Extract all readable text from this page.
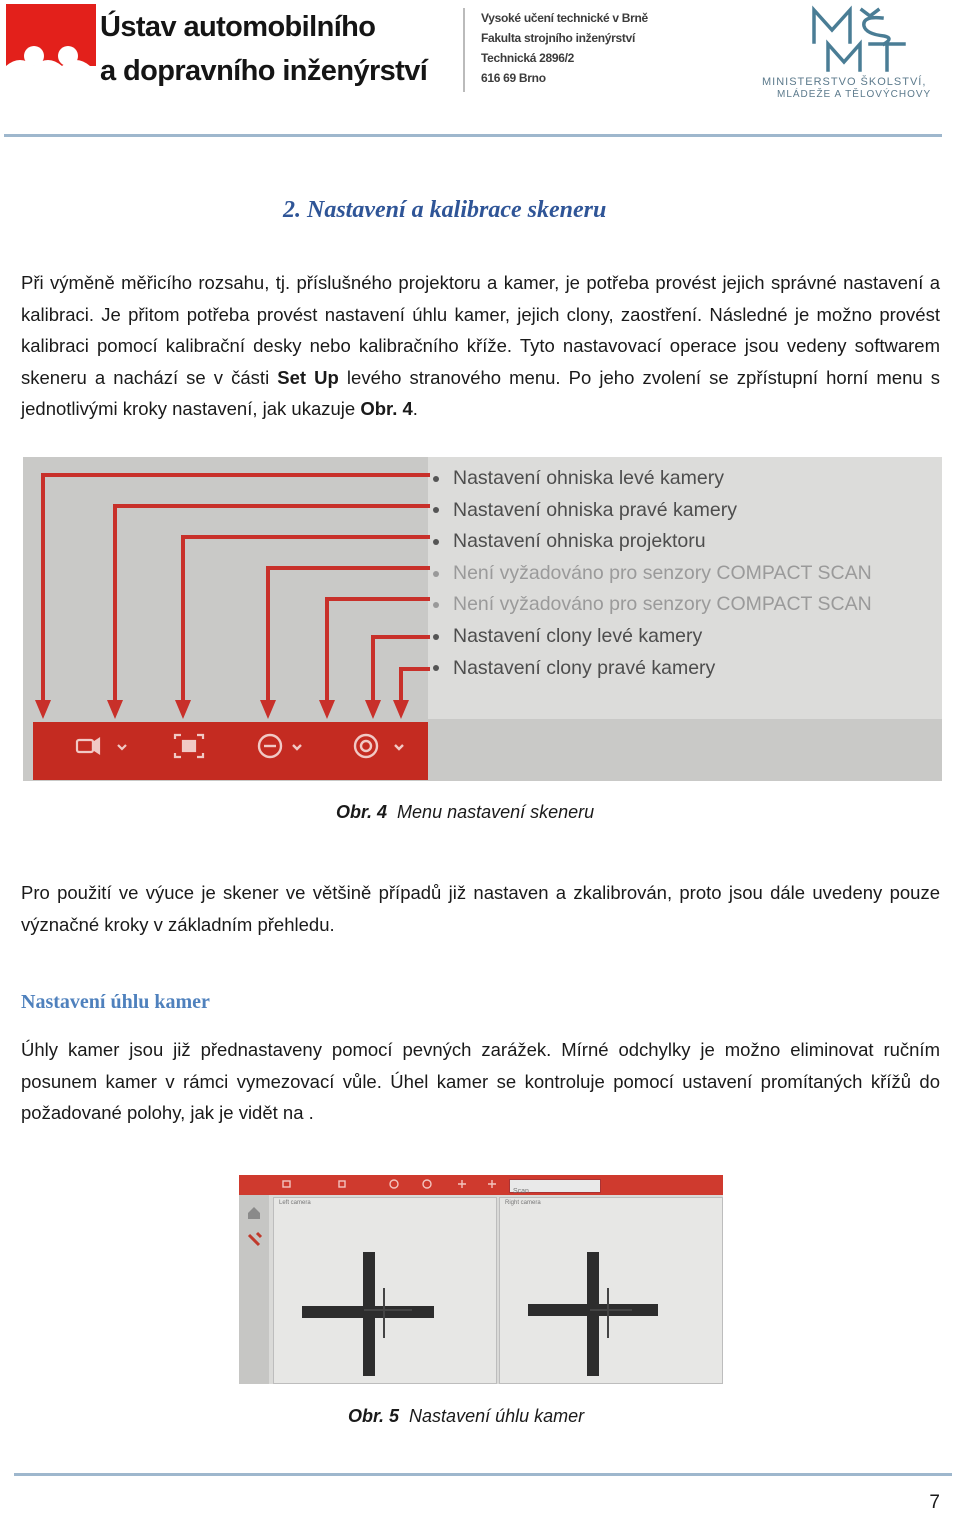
Ústav automobilního
a dopravního inženýrství
Vysoké učení technické v Brně
Fakulta strojního inženýrství
Technická 2896/2
616 69 Brno	MINISTERSTVO ŠKOLSTVÍ,
MLÁDEŽE A TĚLOVÝCHOVY
2. Nastavení a kalibrace skeneru
Při výměně měřicího rozsahu, tj. příslušného projektoru a kamer, je potřeba provést jejich správné nastavení a kalibraci. Je přitom potřeba provést nastavení úhlu kamer, jejich clony, zaostření. Následné je možno provést kalibraci pomocí kalibrační desky nebo kalibračního kříže. Tyto nastavovací operace jsou vedeny softwarem skeneru a nachází se v části Set Up levého stranového menu. Po jeho zvolení se zpřístupní horní menu s jednotlivými kroky nastavení, jak ukazuje Obr. 4.
Nastavení ohniska levé kamery
Nastavení ohniska pravé kamery
Nastavení ohniska projektoru
Není vyžadováno pro senzory COMPACT SCAN
Není vyžadováno pro senzory COMPACT SCAN
Nastavení clony levé kamery
Nastavení clony pravé kamery
Obr. 4 Menu nastavení skeneru
Pro použití ve výuce je skener ve většině případů již nastaven a zkalibrován, proto jsou dále uvedeny pouze význačné kroky v základním přehledu.
Nastavení úhlu kamer
Úhly kamer jsou již přednastaveny pomocí pevných zarážek. Mírné odchylky je možno eliminovat ručním posunem kamer v rámci vymezovací vůle. Úhel kamer se kontroluje pomocí ustavení promítaných křížů do požadované polohy, jak je vidět na .
Scan
Left camera	Right camera
Obr. 5 Nastavení úhlu kamer
7
